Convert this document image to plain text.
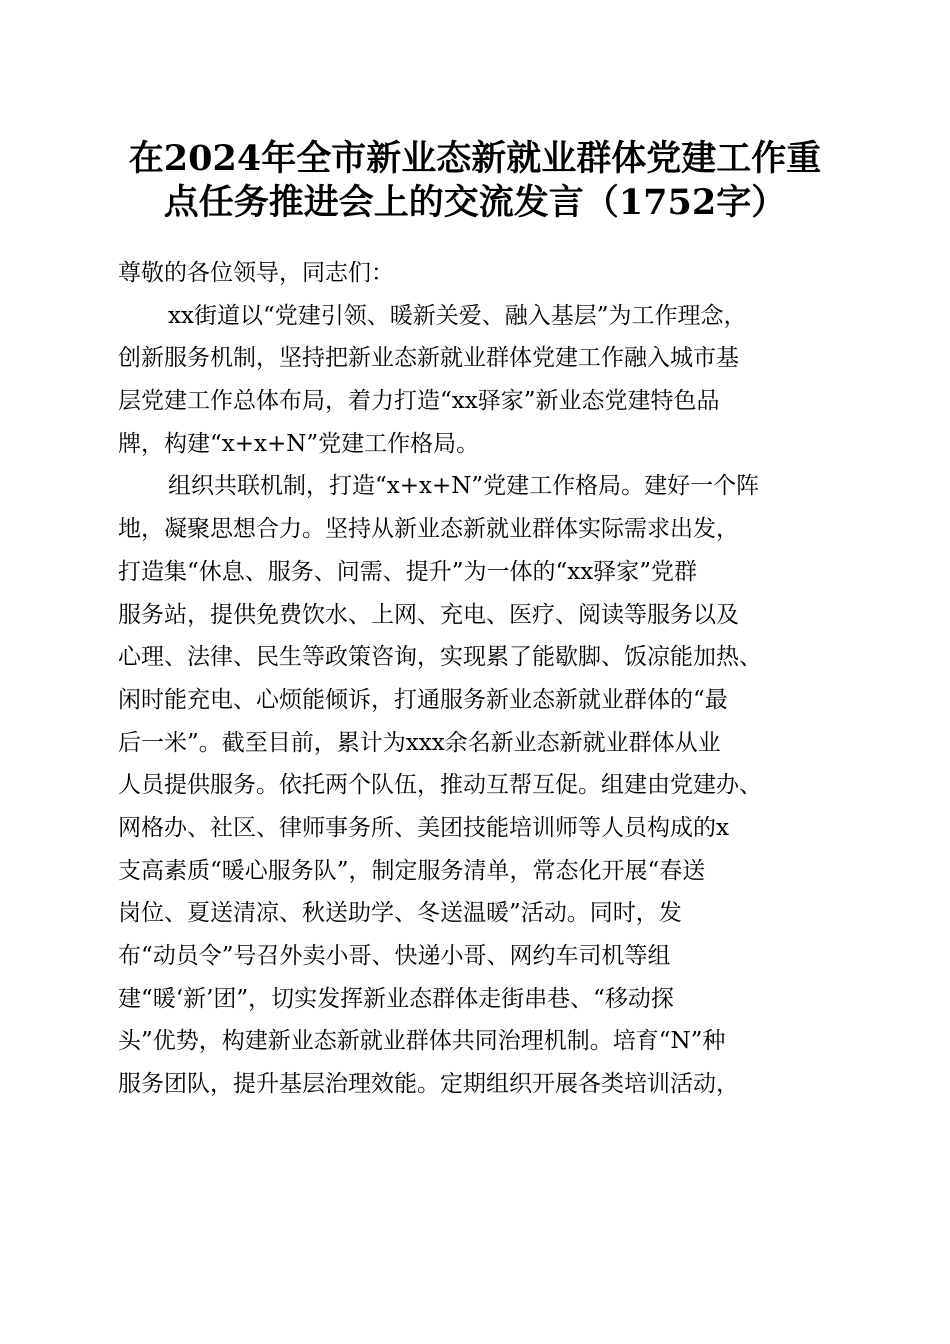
在2024年全市新业态新就业群体党建工作重
点任务推进会上的交流发言（1752字）
尊敬的各位领导，同志们：
xx街道以“党建引领、暖新关爱、融入基层”为工作理念，
创新服务机制，坚持把新业态新就业群体党建工作融入城市基
层党建工作总体布局，着力打造“xx驿家”新业态党建特色品
牌，构建“x+x+N”党建工作格局。
组织共联机制，打造“x+x+N”党建工作格局。建好一个阵
地，凝聚思想合力。坚持从新业态新就业群体实际需求出发，
打造集“休息、服务、问需、提升”为一体的“xx驿家”党群
服务站，提供免费饮水、上网、充电、医疗、阅读等服务以及
心理、法律、民生等政策咨询，实现累了能歇脚、饭凉能加热、
闲时能充电、心烦能倾诉，打通服务新业态新就业群体的“最
后一米”。截至目前，累计为xxx余名新业态新就业群体从业
人员提供服务。依托两个队伍，推动互帮互促。组建由党建办、
网格办、社区、律师事务所、美团技能培训师等人员构成的x
支高素质“暖心服务队”，制定服务清单，常态化开展“春送
岗位、夏送清凉、秋送助学、冬送温暖”活动。同时，发
布“动员令”号召外卖小哥、快递小哥、网约车司机等组
建“暖‘新’团”，切实发挥新业态群体走街串巷、“移动探
头”优势，构建新业态新就业群体共同治理机制。培育“N”种
服务团队，提升基层治理效能。定期组织开展各类培训活动，
